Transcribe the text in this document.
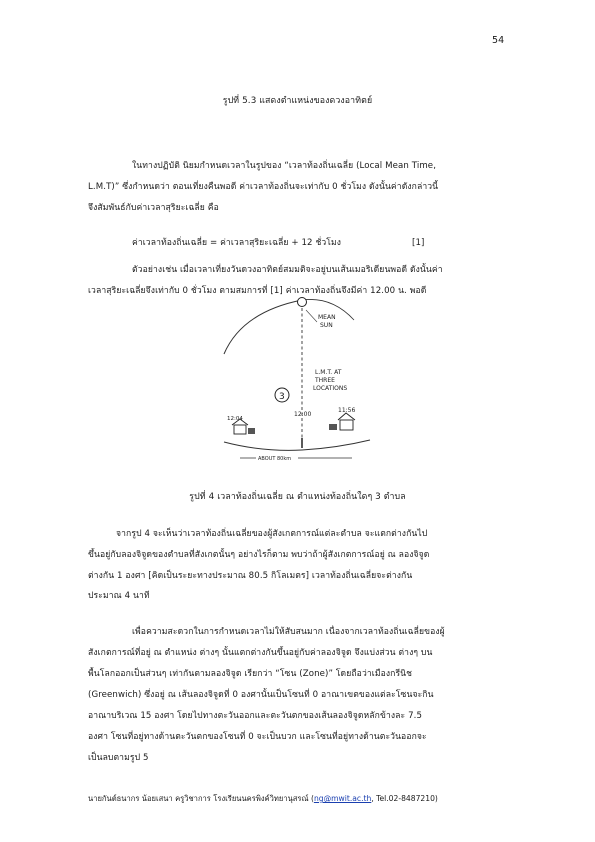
54
รูปที่ 5.3 แสดงตำแหน่งของดวงอาทิตย์
ในทางปฏิบัติ นิยมกำหนดเวลาในรูปของ “เวลาท้องถิ่นเฉลี่ย (Local Mean Time,
L.M.T)” ซึ่งกำหนดว่า ตอนเที่ยงคืนพอดี ค่าเวลาท้องถิ่นจะเท่ากับ 0 ชั่วโมง ดังนั้นค่าดังกล่าวนี้
จึงสัมพันธ์กับค่าเวลาสุริยะเฉลี่ย คือ
ค่าเวลาท้องถิ่นเฉลี่ย = ค่าเวลาสุริยะเฉลี่ย + 12 ชั่วโมง	[1]
ตัวอย่างเช่น เมื่อเวลาเที่ยงวันดวงอาทิตย์สมมติจะอยู่บนเส้นเมอริเดียนพอดี ดังนั้นค่า
เวลาสุริยะเฉลี่ยจึงเท่ากับ 0 ชั่วโมง ตามสมการที่ [1] ค่าเวลาท้องถิ่นจึงมีค่า 12.00 น. พอดี
MEAN
SUN
3
L.M.T. AT
THREE
LOCATIONS
11:56
12:04
12:00
ABOUT 80km
รูปที่ 4 เวลาท้องถิ่นเฉลี่ย ณ ตำแหน่งท้องถิ่นใดๆ 3 ตำบล
จากรูป 4 จะเห็นว่าเวลาท้องถิ่นเฉลี่ยของผู้สังเกตการณ์แต่ละตำบล จะแตกต่างกันไป
ขึ้นอยู่กับลองจิจูดของตำบลที่สังเกตนั้นๆ อย่างไรก็ตาม พบว่าถ้าผู้สังเกตการณ์อยู่ ณ ลองจิจูด
ต่างกัน 1 องศา [คิดเป็นระยะทางประมาณ 80.5 กิโลเมตร] เวลาท้องถิ่นเฉลี่ยจะต่างกัน
ประมาณ 4 นาที
เพื่อความสะดวกในการกำหนดเวลาไม่ให้สับสนมาก เนื่องจากเวลาท้องถิ่นเฉลี่ยของผู้
สังเกตการณ์ที่อยู่ ณ ตำแหน่ง ต่างๆ นั้นแตกต่างกันขึ้นอยู่กับค่าลองจิจูด จึงแบ่งส่วน ต่างๆ บน
พื้นโลกออกเป็นส่วนๆ เท่ากันตามลองจิจูด เรียกว่า “โซน (Zone)” โดยถือว่าเมืองกรีนิช
(Greenwich) ซึ่งอยู่ ณ เส้นลองจิจูดที่ 0 องศานั้นเป็นโซนที่ 0 อาณาเขตของแต่ละโซนจะกิน
อาณาบริเวณ 15 องศา โดยไปทางตะวันออกและตะวันตกของเส้นลองจิจูดหลักข้างละ 7.5
องศา โซนที่อยู่ทางด้านตะวันตกของโซนที่ 0 จะเป็นบวก และโซนที่อยู่ทางด้านตะวันออกจะ
เป็นลบตามรูป 5
นายกันต์ธนากร น้อยเสนา ครูวิชาการ โรงเรียนนครพิงค์วิทยานุสรณ์ (ng@mwit.ac.th, Tel.02-8487210)
